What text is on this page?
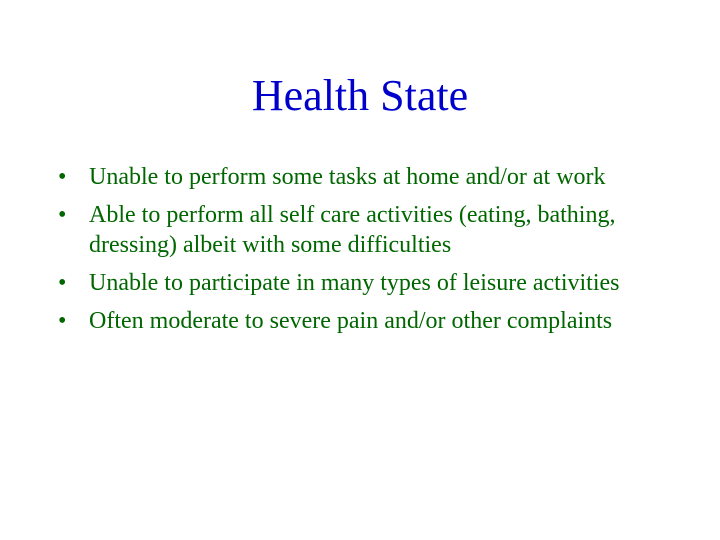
Health State
• Unable to perform some tasks at home and/or at work
• Able to perform all self care activities (eating, bathing, dressing) albeit with some difficulties
• Unable to participate in many types of leisure activities
• Often moderate to severe pain and/or other complaints
